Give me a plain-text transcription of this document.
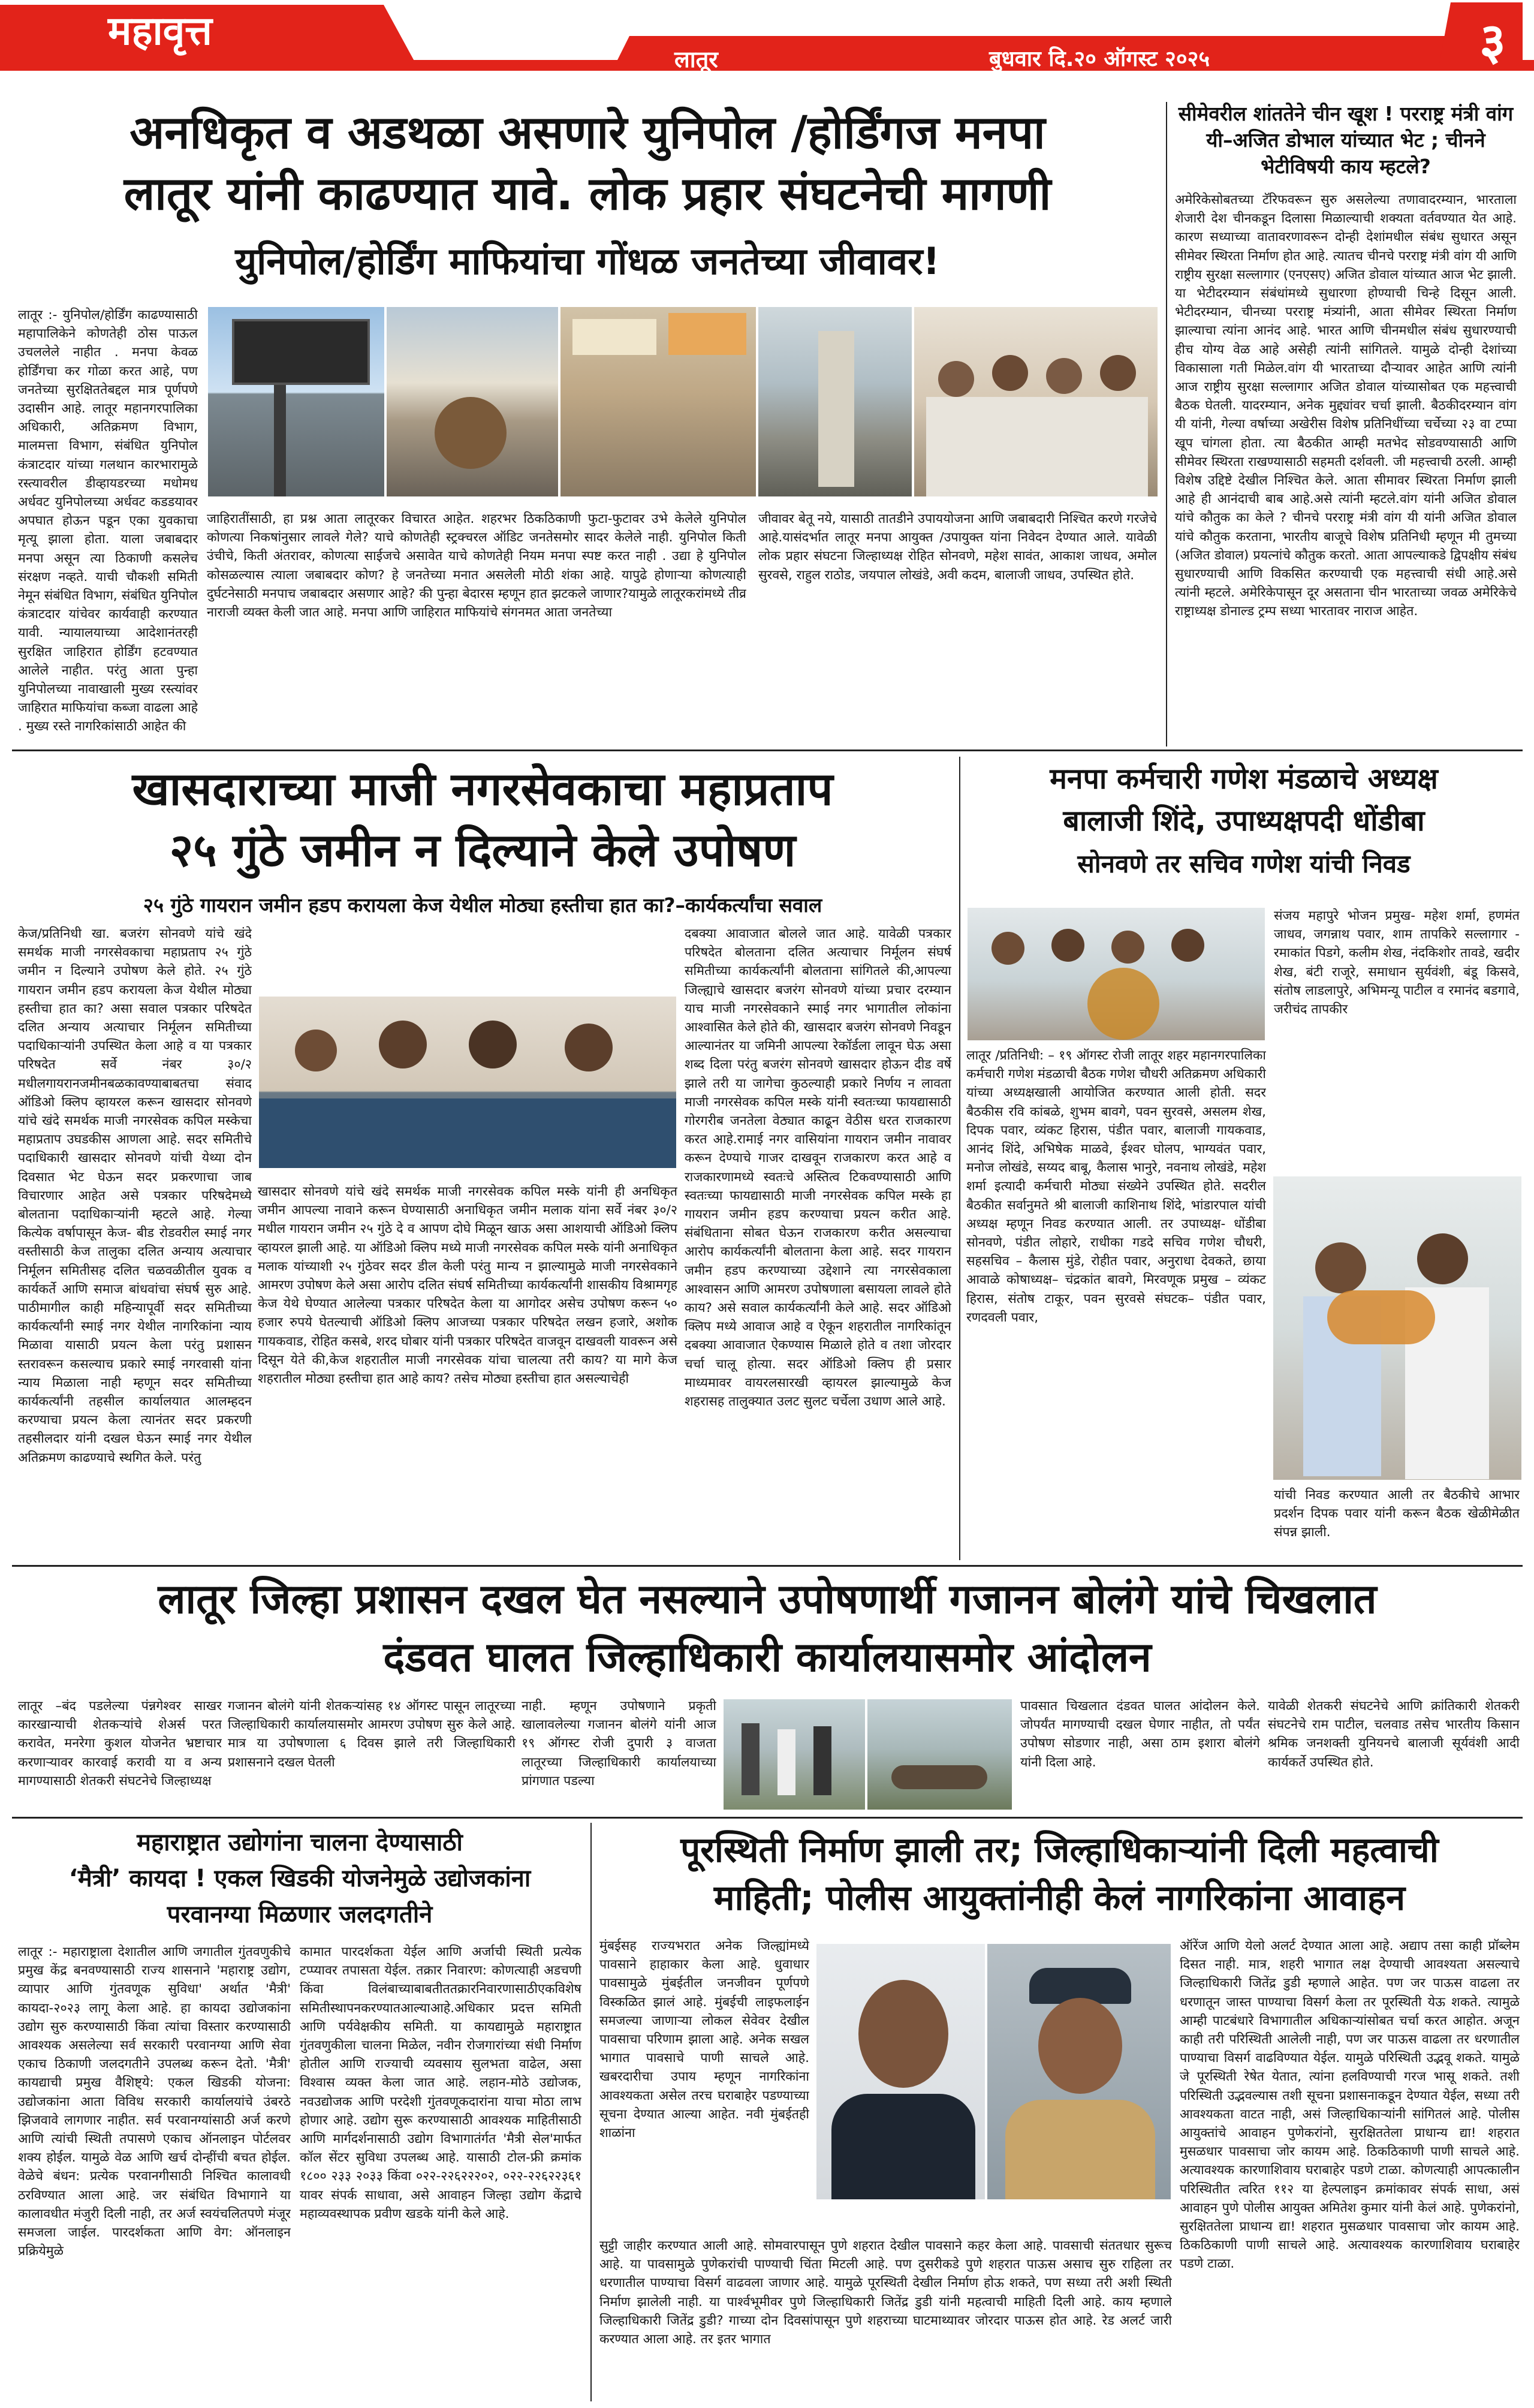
महावृत्त
लातूर	बुधवार दि.२० ऑगस्ट २०२५	३
अनधिकृत व अडथळा असणारे युनिपोल /होर्डिंगज मनपा
लातूर यांनी काढण्यात यावे. लोक प्रहार संघटनेची मागणी
युनिपोल/होर्डिंग माफियांचा गोंधळ जनतेच्या जीवावर!
लातूर :- युनिपोल/होर्डिंग काढण्यासाठी महापालिकेने कोणतेही ठोस पाऊल उचललेले नाहीत . मनपा केवळ होर्डिंगचा कर गोळा करत आहे, पण जनतेच्या सुरक्षिततेबद्दल मात्र पूर्णपणे उदासीन आहे. लातूर महानगरपालिका अधिकारी, अतिक्रमण विभाग, मालमत्ता विभाग, संबंधित युनिपोल कंत्राटदार यांच्या गलथान कारभारामुळे रस्त्यावरील डीव्हायडरच्या मधोमध अर्धवट युनिपोलच्या अर्धवट कडडयावर अपघात होऊन पडून एका युवकाचा मृत्यू झाला होता. याला जबाबदार मनपा असून त्या ठिकाणी कसलेच संरक्षण नव्हते. याची चौकशी समिती नेमून संबंधित विभाग, संबंधित युनिपोल कंत्राटदार यांचेवर कार्यवाही करण्यात यावी. न्यायालयाच्या आदेशानंतरही सुरक्षित जाहिरात होर्डिंग हटवण्यात आलेले नाहीत. परंतु आता पुन्हा युनिपोलच्या नावाखाली मुख्य रस्त्यांवर जाहिरात माफियांचा कब्जा वाढला आहे . मुख्य रस्ते नागरिकांसाठी आहेत की
जाहिरातींसाठी, हा प्रश्न आता लातूरकर विचारत आहेत. शहरभर ठिकठिकाणी फुटा-फुटावर उभे केलेले युनिपोल कोणत्या निकषांनुसार लावले गेले? याचे कोणतेही स्ट्रक्चरल ऑडिट जनतेसमोर सादर केलेले नाही. युनिपोल किती उंचीचे, किती अंतरावर, कोणत्या साईजचे असावेत याचे कोणतेही नियम मनपा स्पष्ट करत नाही . उद्या हे युनिपोल कोसळल्यास त्याला जबाबदार कोण? हे जनतेच्या मनात असलेली मोठी शंका आहे. यापुढे होणाऱ्या कोणत्याही दुर्घटनेसाठी मनपाच जबाबदार असणार आहे? की पुन्हा बेदारस म्हणून हात झटकले जाणार?यामुळे लातूरकरांमध्ये तीव्र नाराजी व्यक्त केली जात आहे. मनपा आणि जाहिरात माफियांचे संगनमत आता जनतेच्या
जीवावर बेतू नये, यासाठी तातडीने उपाययोजना आणि जबाबदारी निश्चित करणे गरजेचे आहे.यासंदर्भात लातूर मनपा आयुक्त /उपायुक्त यांना निवेदन देण्यात आले. यावेळी लोक प्रहार संघटना जिल्हाध्यक्ष रोहित सोनवणे, महेश सावंत, आकाश जाधव, अमोल सुरवसे, राहुल राठोड, जयपाल लोखंडे, अवी कदम, बालाजी जाधव, उपस्थित होते.
सीमेवरील शांततेने चीन खूश ! परराष्ट्र मंत्री वांग यी–अजित डोभाल यांच्यात भेट ; चीनने भेटीविषयी काय म्हटले?
अमेरिकेसोबतच्या टॅरिफवरून सुरु असलेल्या तणावादरम्यान, भारताला शेजारी देश चीनकडून दिलासा मिळाल्याची शक्यता वर्तवण्यात येत आहे. कारण सध्याच्या वातावरणावरून दोन्ही देशांमधील संबंध सुधारत असून सीमेवर स्थिरता निर्माण होत आहे. त्यातच चीनचे परराष्ट्र मंत्री वांग यी आणि राष्ट्रीय सुरक्षा सल्लागार (एनएसए) अजित डोवाल यांच्यात आज भेट झाली. या भेटीदरम्यान संबंधांमध्ये सुधारणा होण्याची चिन्हे दिसून आली. भेटीदरम्यान, चीनच्या परराष्ट्र मंत्र्यांनी, आता सीमेवर स्थिरता निर्माण झाल्याचा त्यांना आनंद आहे. भारत आणि चीनमधील संबंध सुधारण्याची हीच योग्य वेळ आहे असेही त्यांनी सांगितले. यामुळे दोन्ही देशांच्या विकासाला गती मिळेल.वांग यी भारताच्या दौऱ्यावर आहेत आणि त्यांनी आज राष्ट्रीय सुरक्षा सल्लागार अजित डोवाल यांच्यासोबत एक महत्त्वाची बैठक घेतली. यादरम्यान, अनेक मुद्द्यांवर चर्चा झाली. बैठकीदरम्यान वांग यी यांनी, गेल्या वर्षाच्या अखेरीस विशेष प्रतिनिधींच्या चर्चेच्या २३ वा टप्पा खूप चांगला होता. त्या बैठकीत आम्ही मतभेद सोडवण्यासाठी आणि सीमेवर स्थिरता राखण्यासाठी सहमती दर्शवली. जी महत्त्वाची ठरली. आम्ही विशेष उद्दिष्टे देखील निश्चित केले. आता सीमावर स्थिरता निर्माण झाली आहे ही आनंदाची बाब आहे.असे त्यांनी म्हटले.वांग यांनी अजित डोवाल यांचे कौतुक का केले ? चीनचे परराष्ट्र मंत्री वांग यी यांनी अजित डोवाल यांचे कौतुक करताना, भारतीय बाजूचे विशेष प्रतिनिधी म्हणून मी तुमच्या (अजित डोवाल) प्रयत्नांचे कौतुक करतो. आता आपल्याकडे द्विपक्षीय संबंध सुधारण्याची आणि विकसित करण्याची एक महत्त्वाची संधी आहे.असे त्यांनी म्हटले. अमेरिकेपासून दूर असताना चीन भारताच्या जवळ अमेरिकेचे राष्ट्राध्यक्ष डोनाल्ड ट्रम्प सध्या भारतावर नाराज आहेत.
खासदाराच्या माजी नगरसेवकाचा महाप्रताप
२५ गुंठे जमीन न दिल्याने केले उपोषण
२५ गुंठे गायरान जमीन हडप करायला केज येथील मोठ्या हस्तीचा हात का?–कार्यकर्त्यांचा सवाल
केज/प्रतिनिधी खा. बजरंग सोनवणे यांचे खंदे समर्थक माजी नगरसेवकाचा महाप्रताप २५ गुंठे जमीन न दिल्याने उपोषण केले होते. २५ गुंठे गायरान जमीन हडप करायला केज येथील मोठ्या हस्तीचा हात का? असा सवाल पत्रकार परिषदेत दलित अन्याय अत्याचार निर्मूलन समितीच्या पदाधिकाऱ्यांनी उपस्थित केला आहे व या पत्रकार परिषदेत सर्वे नंबर ३०/२ मधीलगायरानजमीनबळकावण्याबाबतचा संवाद ऑडिओ क्लिप व्हायरल करून खासदार सोनवणे यांचे खंदे समर्थक माजी नगरसेवक कपिल मस्केचा महाप्रताप उघडकीस आणला आहे. सदर समितीचे पदाधिकारी खासदार सोनवणे यांची येथ्या दोन दिवसात भेट घेऊन सदर प्रकरणाचा जाब विचारणार आहेत असे पत्रकार परिषदेमध्ये बोलताना पदाधिकाऱ्यांनी म्हटले आहे. गेल्या कित्येक वर्षापासून केज- बीड रोडवरील स्माई नगर वस्तीसाठी केज तालुका दलित अन्याय अत्याचार निर्मूलन समितीसह दलित चळवळीतील युवक व कार्यकर्ते आणि समाज बांधवांचा संघर्ष सुरु आहे. पाठीमागील काही महिन्यापूर्वी सदर समितीच्या कार्यकर्त्यांनी स्माई नगर येथील नागरिकांना न्याय मिळावा यासाठी प्रयत्न केला परंतु प्रशासन स्तरावरून कसल्याच प्रकारे स्माई नगरवासी यांना न्याय मिळाला नाही म्हणून सदर समितीच्या कार्यकर्त्यांनी तहसील कार्यालयात आलम्हदन करण्याचा प्रयत्न केला त्यानंतर सदर प्रकरणी तहसीलदार यांनी दखल घेऊन स्माई नगर येथील अतिक्रमण काढण्याचे स्थगित केले. परंतु
खासदार सोनवणे यांचे खंदे समर्थक माजी नगरसेवक कपिल मस्के यांनी ही अनधिकृत जमीन आपल्या नावाने करून घेण्यासाठी अनाधिकृत जमीन मलाक यांना सर्वे नंबर ३०/२ मधील गायरान जमीन २५ गुंठे दे व आपण दोघे मिळून खाऊ असा आशयाची ऑडिओ क्लिप व्हायरल झाली आहे. या ऑडिओ क्लिप मध्ये माजी नगरसेवक कपिल मस्के यांनी अनाधिकृत मलाक यांच्याशी २५ गुंठेवर सदर डील केली परंतु मान्य न झाल्यामुळे माजी नगरसेवकाने आमरण उपोषण केले असा आरोप दलित संघर्ष समितीच्या कार्यकर्त्यांनी शासकीय विश्रामगृह केज येथे घेण्यात आलेल्या पत्रकार परिषदेत केला या आगोदर असेच उपोषण करून ५० हजार रुपये घेतल्याची ऑडिओ क्लिप आजच्या पत्रकार परिषदेत लखन हजारे, अशोक गायकवाड, रोहित कसबे, शरद घोबार यांनी पत्रकार परिषदेत वाजवून दाखवली यावरून असे दिसून येते की,केज शहरातील माजी नगरसेवक यांचा चालत्या तरी काय? या मागे केज शहरातील मोठ्या हस्तीचा हात आहे काय? तसेच मोठ्या हस्तीचा हात असल्याचेही
दबक्या आवाजात बोलले जात आहे. यावेळी पत्रकार परिषदेत बोलताना दलित अत्याचार निर्मूलन संघर्ष समितीच्या कार्यकर्त्यांनी बोलताना सांगितले की,आपल्या जिल्ह्याचे खासदार बजरंग सोनवणे यांच्या प्रचार दरम्यान याच माजी नगरसेवकाने स्माई नगर भागातील लोकांना आश्वासित केले होते की, खासदार बजरंग सोनवणे निवडून आल्यानंतर या जमिनी आपल्या रेकॉर्डला लावून घेऊ असा शब्द दिला परंतु बजरंग सोनवणे खासदार होऊन दीड वर्षे झाले तरी या जागेचा कुठल्याही प्रकारे निर्णय न लावता माजी नगरसेवक कपिल मस्के यांनी स्वतःच्या फायद्यासाठी गोरगरीब जनतेला वेठ्यात काढून वेठीस धरत राजकारण करत आहे.रामाई नगर वासियांना गायरान जमीन नावावर करून देण्याचे गाजर दाखवून राजकारण करत आहे व राजकारणामध्ये स्वतःचे अस्तित्व टिकवण्यासाठी आणि स्वतःच्या फायद्यासाठी माजी नगरसेवक कपिल मस्के हा गायरान जमीन हडप करण्याचा प्रयत्न करीत आहे. संबंधिताना सोबत घेऊन राजकारण करीत असल्याचा आरोप कार्यकर्त्यांनी बोलताना केला आहे. सदर गायरान जमीन हडप करण्याच्या उद्देशाने त्या नगरसेवकाला आश्वासन आणि आमरण उपोषणाला बसायला लावले होते काय? असे सवाल कार्यकर्त्यांनी केले आहे. सदर ऑडिओ क्लिप मध्ये आवाज आहे व ऐकून शहरातील नागरिकांतून दबक्या आवाजात ऐकण्यास मिळाले होते व तशा जोरदार चर्चा चालू होत्या. सदर ऑडिओ क्लिप ही प्रसार माध्यमावर वायरलसारखी व्हायरल झाल्यामुळे केज शहरासह तालुक्यात उलट सुलट चर्चेला उधाण आले आहे.
मनपा कर्मचारी गणेश मंडळाचे अध्यक्ष
बालाजी शिंदे, उपाध्यक्षपदी धोंडीबा
सोनवणे तर सचिव गणेश यांची निवड
संजय महापुरे भोजन प्रमुख- महेश शर्मा, हणमंत जाधव, जगन्नाथ पवार, शाम तापकिरे सल्लागार - रमाकांत पिडगे, कलीम शेख, नंदकिशोर तावडे, खदीर शेख, बंटी राजूरे, समाधान सुर्यवंशी, बंडू किसवे, संतोष लाडलापुरे, अभिमन्यू पाटील व रमानंद बडगावे, जरीचंद तापकीर
लातूर /प्रतिनिधी: – १९ ऑगस्ट रोजी लातूर शहर महानगरपालिका कर्मचारी गणेश मंडळाची बैठक गणेश चौधरी अतिक्रमण अधिकारी यांच्या अध्यक्षखाली आयोजित करण्यात आली होती. सदर बैठकीस रवि कांबळे, शुभम बावगे, पवन सुरवसे, असलम शेख, दिपक पवार, व्यंकट हिरास, पंडीत पवार, बालाजी गायकवाड, आनंद शिंदे, अभिषेक माळवे, ईश्वर घोलप, भाग्यवंत पवार, मनोज लोखंडे, सय्यद बाबू, कैलास भानुरे, नवनाथ लोखंडे, महेश शर्मा इत्यादी कर्मचारी मोठ्या संख्येने उपस्थित होते. सदरील बैठकीत सर्वानुमते श्री बालाजी काशिनाथ शिंदे, भांडारपाल यांची अध्यक्ष म्हणून निवड करण्यात आली. तर उपाध्यक्ष- धोंडीबा सोनवणे, पंडीत लोहारे, राधीका गडदे सचिव गणेश चौधरी, सहसचिव – कैलास मुंडे, रोहीत पवार, अनुराधा देवकते, छाया आवाळे कोषाध्यक्ष– चंद्रकांत बावगे, मिरवणूक प्रमुख – व्यंकट हिरास, संतोष टाकूर, पवन सुरवसे संघटक– पंडीत पवार, रणदवली पवार,
यांची निवड करण्यात आली तर बैठकीचे आभार प्रदर्शन दिपक पवार यांनी करून बैठक खेळीमेळीत संपन्न झाली.
लातूर जिल्हा प्रशासन दखल घेत नसल्याने उपोषणार्थी गजानन बोलंगे यांचे चिखलात
दंडवत घालत जिल्हाधिकारी कार्यालयासमोर आंदोलन
लातूर –बंद पडलेल्या पंन्नगेश्वर साखर कारखान्याची शेतकऱ्यांचे शेअर्स परत करावेत, मनरेगा कुशल योजनेत भ्रष्टाचार करणाऱ्यावर कारवाई करावी या व अन्य मागण्यासाठी शेतकरी संघटनेचे जिल्हाध्यक्ष
गजानन बोलंगे यांनी शेतकऱ्यांसह १४ ऑगस्ट पासून लातूरच्या जिल्हाधिकारी कार्यालयासमोर आमरण उपोषण सुरु केले आहे. मात्र या उपोषणाला ६ दिवस झाले तरी जिल्हाधिकारी प्रशासनाने दखल घेतली
नाही. म्हणून उपोषणाने प्रकृती खालावलेल्या गजानन बोलंगे यांनी आज १९ ऑगस्ट रोजी दुपारी ३ वाजता लातूरच्या जिल्हाधिकारी कार्यालयाच्या प्रांगणात पडल्या
पावसात चिखलात दंडवत घालत आंदोलन केले. जोपर्यंत मागण्याची दखल घेणार नाहीत, तो पर्यंत उपोषण सोडणार नाही, असा ठाम इशारा बोलंगे यांनी दिला आहे.
यावेळी शेतकरी संघटनेचे आणि क्रांतिकारी शेतकरी संघटनेचे राम पाटील, चलवाड तसेच भारतीय किसान श्रमिक जनशक्ती युनियनचे बालाजी सूर्यवंशी आदी कार्यकर्ते उपस्थित होते.
महाराष्ट्रात उद्योगांना चालना देण्यासाठी
‘मैत्री’ कायदा ! एकल खिडकी योजनेमुळे उद्योजकांना
परवानग्या मिळणार जलदगतीने
लातूर :- महाराष्ट्राला देशातील आणि जगातील गुंतवणुकीचे प्रमुख केंद्र बनवण्यासाठी राज्य शासनाने 'महाराष्ट्र उद्योग, व्यापार आणि गुंतवणूक सुविधा' अर्थात 'मैत्री' कायदा-२०२३ लागू केला आहे. हा कायदा उद्योजकांना उद्योग सुरु करण्यासाठी किंवा त्यांचा विस्तार करण्यासाठी आवश्यक असलेल्या सर्व सरकारी परवानग्या आणि सेवा एकाच ठिकाणी जलदगतीने उपलब्ध करून देतो. 'मैत्री' कायद्याची प्रमुख वैशिष्ट्ये: एकल खिडकी योजना: उद्योजकांना आता विविध सरकारी कार्यालयांचे उंबरठे झिजवावे लागणार नाहीत. सर्व परवानग्यांसाठी अर्ज करणे आणि त्यांची स्थिती तपासणे एकाच ऑनलाइन पोर्टलवर शक्य होईल. यामुळे वेळ आणि खर्च दोन्हींची बचत होईल. वेळेचे बंधन: प्रत्येक परवानगीसाठी निश्चित कालावधी ठरविण्यात आला आहे. जर संबंधित विभागाने या कालावधीत मंजुरी दिली नाही, तर अर्ज स्वयंचलितपणे मंजूर समजला जाईल. पारदर्शकता आणि वेग: ऑनलाइन प्रक्रियेमुळे
कामात पारदर्शकता येईल आणि अर्जाची स्थिती प्रत्येक टप्प्यावर तपासता येईल. तक्रार निवारण: कोणत्याही अडचणी किंवा विलंबाच्याबाबतीततक्रारनिवारणासाठीएकविशेष समितीस्थापनकरण्यातआल्याआहे.अधिकार प्रदत्त समिती आणि पर्यवेक्षकीय समिती. या कायद्यामुळे महाराष्ट्रात गुंतवणुकीला चालना मिळेल, नवीन रोजगारांच्या संधी निर्माण होतील आणि राज्याची व्यवसाय सुलभता वाढेल, असा विश्वास व्यक्त केला जात आहे. लहान-मोठे उद्योजक, नवउद्योजक आणि परदेशी गुंतवणूकदारांना याचा मोठा लाभ होणार आहे. उद्योग सुरू करण्यासाठी आवश्यक माहितीसाठी आणि मार्गदर्शनासाठी उद्योग विभागातंर्गत 'मैत्री सेल'मार्फत कॉल सेंटर सुविधा उपलब्ध आहे. यासाठी टोल-फ्री क्रमांक १८०० २३३ २०३३ किंवा ०२२-२२६२२२०२, ०२२-२२६२२३६१ यावर संपर्क साधावा, असे आवाहन जिल्हा उद्योग केंद्राचे महाव्यवस्थापक प्रवीण खडके यांनी केले आहे.
पूरस्थिती निर्माण झाली तर; जिल्हाधिकाऱ्यांनी दिली महत्वाची
माहिती; पोलीस आयुक्तांनीही केलं नागरिकांना आवाहन
मुंबईसह राज्यभरात अनेक जिल्ह्यांमध्ये पावसाने हाहाकार केला आहे. धुवाधार पावसामुळे मुंबईतील जनजीवन पूर्णपणे विस्कळित झालं आहे. मुंबईची लाइफलाईन समजल्या जाणाऱ्या लोकल सेवेवर देखील पावसाचा परिणाम झाला आहे. अनेक सखल भागात पावसाचे पाणी साचले आहे. खबरदारीचा उपाय म्हणून नागरिकांना आवश्यकता असेल तरच घराबाहेर पडण्याच्या सूचना देण्यात आल्या आहेत. नवी मुंबईतही शाळांना
सुट्टी जाहीर करण्यात आली आहे. सोमवारपासून पुणे शहरात देखील पावसाने कहर केला आहे. पावसाची संततधार सुरूच आहे. या पावसामुळे पुणेकरांची पाण्याची चिंता मिटली आहे. पण दुसरीकडे पुणे शहरात पाऊस असाच सुरु राहिला तर धरणातील पाण्याचा विसर्ग वाढवला जाणार आहे. यामुळे पूरस्थिती देखील निर्माण होऊ शकते, पण सध्या तरी अशी स्थिती निर्माण झालेली नाही. या पार्श्वभूमीवर पुणे जिल्हाधिकारी जितेंद्र डुडी यांनी महत्वाची माहिती दिली आहे. काय म्हणाले जिल्हाधिकारी जितेंद्र डुडी? गाच्या दोन दिवसांपासून पुणे शहराच्या घाटमाथ्यावर जोरदार पाऊस होत आहे. रेड अलर्ट जारी करण्यात आला आहे. तर इतर भागात
ऑरेंज आणि येलो अलर्ट देण्यात आला आहे. अद्याप तसा काही प्रॉब्लेम दिसत नाही. मात्र, शहरी भागात लक्ष देण्याची आवश्यता असल्याचे जिल्हाधिकारी जितेंद्र डुडी म्हणाले आहेत. पण जर पाऊस वाढला तर धरणातून जास्त पाण्याचा विसर्ग केला तर पूरस्थिती येऊ शकते. त्यामुळे आम्ही पाटबंधारे विभागातील अधिकाऱ्यांसोबत चर्चा करत आहोत. अजून काही तरी परिस्थिती आलेली नाही, पण जर पाऊस वाढला तर धरणातील पाण्याचा विसर्ग वाढविण्यात येईल. यामुळे परिस्थिती उद्भवू शकते. यामुळे जे पूरस्थिती रेषेत येतात, त्यांना हलविण्याची गरज भासू शकते. तशी परिस्थिती उद्भवल्यास तशी सूचना प्रशासनाकडून देण्यात येईल, सध्या तरी आवश्यकता वाटत नाही, असं जिल्हाधिकाऱ्यांनी सांगितलं आहे. पोलीस आयुक्तांचे आवाहन पुणेकरांनो, सुरक्षिततेला प्राधान्य द्या! शहरात मुसळधार पावसाचा जोर कायम आहे. ठिकठिकाणी पाणी साचले आहे. अत्यावश्यक कारणाशिवाय घराबाहेर पडणे टाळा. कोणत्याही आपत्कालीन परिस्थितीत त्वरित ११२ या हेल्पलाइन क्रमांकावर संपर्क साधा, असं आवाहन पुणे पोलीस आयुक्त अमितेश कुमार यांनी केलं आहे. पुणेकरांनो, सुरक्षिततेला प्राधान्य द्या! शहरात मुसळधार पावसाचा जोर कायम आहे. ठिकठिकाणी पाणी साचले आहे. अत्यावश्यक कारणाशिवाय घराबाहेर पडणे टाळा.
